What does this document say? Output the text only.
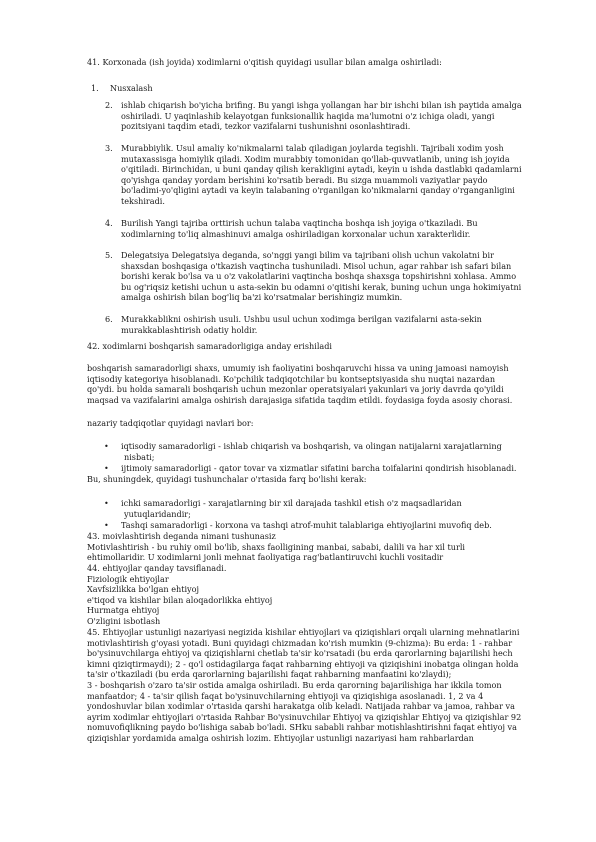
41. Korxonada (ish joyida) xodimlarni o'qitish quyidagi usullar bilan amalga oshiriladi:

1. Nusxalash
2. ishlab chiqarish bo'yicha brifing. Bu yangi ishga yollangan har bir ishchi bilan ish paytida amalga
oshiriladi. U yaqinlashib kelayotgan funksionallik haqida ma'lumotni o'z ichiga oladi, yangi
pozitsiyani taqdim etadi, tezkor vazifalarni tushunishni osonlashtiradi.

3. Murabbiylik. Usul amaliy ko'nikmalarni talab qiladigan joylarda tegishli. Tajribali xodim yosh
mutaxassisga homiylik qiladi. Xodim murabbiy tomonidan qo'llab-quvvatlanib, uning ish joyida
o'qitiladi. Birinchidan, u buni qanday qilish kerakligini aytadi, keyin u ishda dastlabki qadamlarni
qo'yishga qanday yordam berishini ko'rsatib beradi. Bu sizga muammoli vaziyatlar paydo
bo'ladimi-yo'qligini aytadi va keyin talabaning o'rganilgan ko'nikmalarni qanday o'rganganligini
tekshiradi.

4. Burilish Yangi tajriba orttirish uchun talaba vaqtincha boshqa ish joyiga o'tkaziladi. Bu
xodimlarning to'liq almashinuvi amalga oshiriladigan korxonalar uchun xarakterlidir.

5. Delegatsiya Delegatsiya deganda, so'nggi yangi bilim va tajribani olish uchun vakolatni bir
shaxsdan boshqasiga o'tkazish vaqtincha tushuniladi. Misol uchun, agar rahbar ish safari bilan
borishi kerak bo'lsa va u o'z vakolatlarini vaqtincha boshqa shaxsga topshirishni xohlasa. Ammo
bu og'riqsiz ketishi uchun u asta-sekin bu odamni o'qitishi kerak, buning uchun unga hokimiyatni
amalga oshirish bilan bog'liq ba'zi ko'rsatmalar berishingiz mumkin.

6. Murakkablikni oshirish usuli. Ushbu usul uchun xodimga berilgan vazifalarni asta-sekin
murakkablashtirish odatiy holdir.

42. xodimlarni boshqarish samaradorligiga anday erishiladi

boshqarish samaradorligi shaxs, umumiy ish faoliyatini boshqaruvchi hissa va uning jamoasi namoyish
iqtisodiy kategoriya hisoblanadi. Ko'pchilik tadqiqotchilar bu kontseptsiyasida shu nuqtai nazardan
qo'ydi. bu holda samarali boshqarish uchun mezonlar operatsiyalari yakunlari va joriy davrda qo'yildi
maqsad va vazifalarini amalga oshirish darajasiga sifatida taqdim etildi. foydasiga foyda asosiy chorasi.

nazariy tadqiqotlar quyidagi navlari bor:

• iqtisodiy samaradorligi - ishlab chiqarish va boshqarish, va olingan natijalarni xarajatlarning
nisbati;

• ijtimoiy samaradorligi - qator tovar va xizmatlar sifatini barcha toifalarini qondirish hisoblanadi.

Bu, shuningdek, quyidagi tushunchalar o'rtasida farq bo'lishi kerak:

• ichki samaradorligi - xarajatlarning bir xil darajada tashkil etish o'z maqsadlaridan
yutuqlaridandir;

• Tashqi samaradorligi - korxona va tashqi atrof-muhit talablariga ehtiyojlarini muvofiq deb.

43. moivlashtirish deganda nimani tushunasiz
Motivlashtirish - bu ruhiy omil bo'lib, shaxs faolligining manbai, sababi, dalili va har xil turli
ehtimollaridir. U xodimlarni jonli mehnat faoliyatiga rag'batlantiruvchi kuchli vositadir

44. ehtiyojlar qanday tavsiflanadi.
Fiziologik ehtiyojlar
Xavfsizlikka bo'lgan ehtiyoj
e'tiqod va kishilar bilan aloqadorlikka ehtiyoj
Hurmatga ehtiyoj
O'zligini isbotlash

45. Ehtiyojlar ustunligi nazariyasi negizida kishilar ehtiyojlari va qiziqishlari orqali ularning mehnatlarini
motivlashtirish g'oyasi yotadi. Buni quyidagi chizmadan ko'rish mumkin (9-chizma): Bu erda: 1 - rahbar
bo'ysinuvchilarga ehtiyoj va qiziqishlarni chetlab ta'sir ko'rsatadi (bu erda qarorlarning bajarilishi hech
kimni qiziqtirmaydi); 2 - qo'l ostidagilarga faqat rahbarning ehtiyoji va qiziqishini inobatga olingan holda
ta'sir o'tkaziladi (bu erda qarorlarning bajarilishi faqat rahbarning manfaatini ko'zlaydi);
3 - boshqarish o'zaro ta'sir ostida amalga oshiriladi. Bu erda qarorning bajarilishiga har ikkila tomon
manfaatdor; 4 - ta'sir qilish faqat bo'ysinuvchilarning ehtiyoji va qiziqishiga asoslanadi. 1, 2 va 4
yondoshuvlar bilan xodimlar o'rtasida qarshi harakatga olib keladi. Natijada rahbar va jamoa, rahbar va
ayrim xodimlar ehtiyojlari o'rtasida Rahbar Bo'ysinuvchilar Ehtiyoj va qiziqishlar Ehtiyoj va qiziqishlar 92
nomuvofiqlikning paydo bo'lishiga sabab bo'ladi. SHku sababli rahbar motishlashtirishni faqat ehtiyoj va
qiziqishlar yordamida amalga oshirish lozim. Ehtiyojlar ustunligi nazariyasi ham rahbarlardan
